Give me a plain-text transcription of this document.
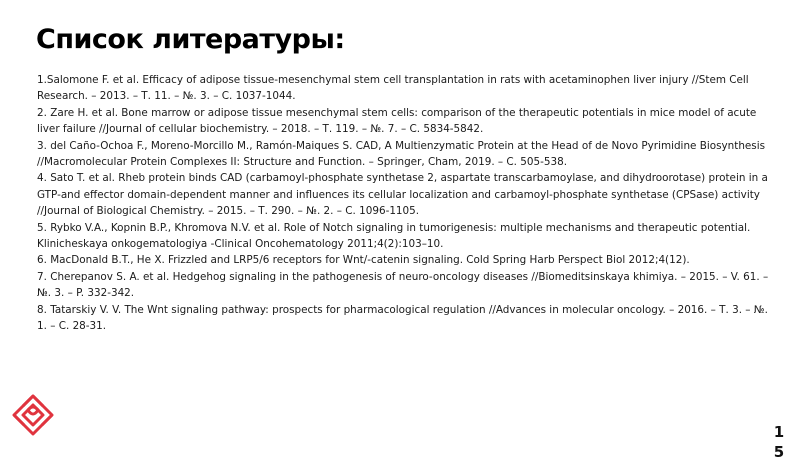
Список литературы:
1.Salomone F. et al. Efficacy of adipose tissue-mesenchymal stem cell transplantation in rats with acetaminophen liver injury //Stem Cell Research. – 2013. – Т. 11. – №. 3. – С. 1037-1044.
2. Zare H. et al. Bone marrow or adipose tissue mesenchymal stem cells: comparison of the therapeutic potentials in mice model of acute liver failure //Journal of cellular biochemistry. – 2018. – Т. 119. – №. 7. – С. 5834-5842.
3. del Caño-Ochoa F., Moreno-Morcillo M., Ramón-Maiques S. CAD, A Multienzymatic Protein at the Head of de Novo Pyrimidine Biosynthesis //Macromolecular Protein Complexes II: Structure and Function. – Springer, Cham, 2019. – С. 505-538.
4. Sato T. et al. Rheb protein binds CAD (carbamoyl-phosphate synthetase 2, aspartate transcarbamoylase, and dihydroorotase) protein in a GTP-and effector domain-dependent manner and influences its cellular localization and carbamoyl-phosphate synthetase (CPSase) activity //Journal of Biological Chemistry. – 2015. – Т. 290. – №. 2. – С. 1096-1105.
5. Rybko V.A., Kopnin B.P., Khromova N.V. et al. Role of Notch signaling in tumorigenesis: multiple mechanisms and therapeutic potential. Klinicheskaya onkogematologiya -Clinical Oncohematology 2011;4(2):103–10.
6. MacDonald B.T., He X. Frizzled and LRP5/6 receptors for Wnt/-catenin signaling. Cold Spring Harb Perspect Biol 2012;4(12).
7. Cherepanov S. A. et al. Hedgehog signaling in the pathogenesis of neuro-oncology diseases //Biomeditsinskaya khimiya. – 2015. – V. 61. – №. 3. – P. 332-342.
8. Tatarskiy V. V. The Wnt signaling pathway: prospects for pharmacological regulation //Advances in molecular oncology. – 2016. – Т. 3. – №. 1. – С. 28-31.
15
